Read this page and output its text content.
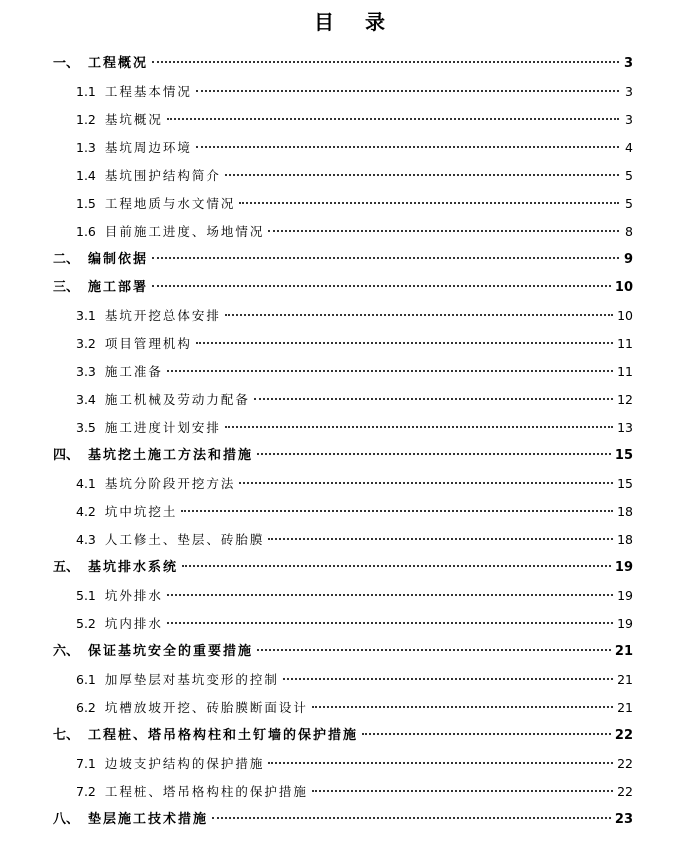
目 录
一、 工程概况	3
1.1 工程基本情况	3
1.2 基坑概况	3
1.3 基坑周边环境	4
1.4 基坑围护结构简介	5
1.5 工程地质与水文情况	5
1.6 目前施工进度、场地情况	8
二、 编制依据	9
三、 施工部署	10
3.1 基坑开挖总体安排	10
3.2 项目管理机构	11
3.3 施工准备	11
3.4 施工机械及劳动力配备	12
3.5 施工进度计划安排	13
四、 基坑挖土施工方法和措施	15
4.1 基坑分阶段开挖方法	15
4.2 坑中坑挖土	18
4.3 人工修土、垫层、砖胎膜	18
五、 基坑排水系统	19
5.1 坑外排水	19
5.2 坑内排水	19
六、 保证基坑安全的重要措施	21
6.1 加厚垫层对基坑变形的控制	21
6.2 坑槽放坡开挖、砖胎膜断面设计	21
七、 工程桩、塔吊格构柱和土钉墙的保护措施	22
7.1 边坡支护结构的保护措施	22
7.2 工程桩、塔吊格构柱的保护措施	22
八、 垫层施工技术措施	23
